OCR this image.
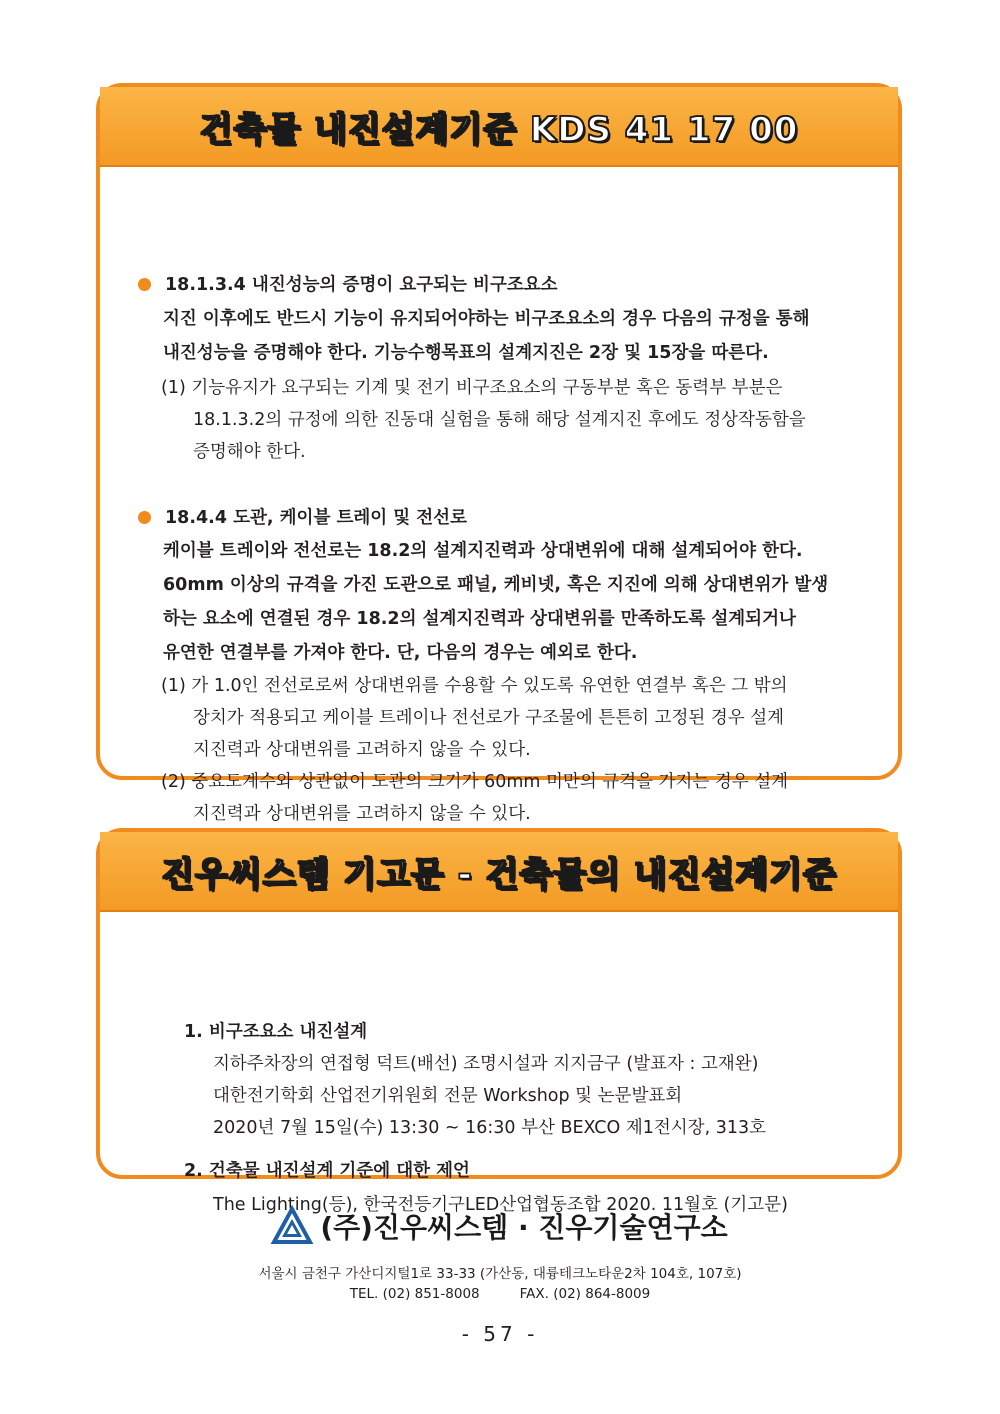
건축물 내진설계기준 KDS 41 17 00
18.1.3.4 내진성능의 증명이 요구되는 비구조요소
지진 이후에도 반드시 기능이 유지되어야하는 비구조요소의 경우 다음의 규정을 통해
내진성능을 증명해야 한다. 기능수행목표의 설계지진은 2장 및 15장을 따른다.
(1) 기능유지가 요구되는 기계 및 전기 비구조요소의 구동부분 혹은 동력부 부분은
18.1.3.2의 규정에 의한 진동대 실험을 통해 해당 설계지진 후에도 정상작동함을
증명해야 한다.
18.4.4 도관, 케이블 트레이 및 전선로
케이블 트레이와 전선로는 18.2의 설계지진력과 상대변위에 대해 설계되어야 한다.
60mm 이상의 규격을 가진 도관으로 패널, 케비넷, 혹은 지진에 의해 상대변위가 발생
하는 요소에 연결된 경우 18.2의 설계지진력과 상대변위를 만족하도록 설계되거나
유연한 연결부를 가져야 한다. 단, 다음의 경우는 예외로 한다.
(1) 가 1.0인 전선로로써 상대변위를 수용할 수 있도록 유연한 연결부 혹은 그 밖의
장치가 적용되고 케이블 트레이나 전선로가 구조물에 튼튼히 고정된 경우 설계
지진력과 상대변위를 고려하지 않을 수 있다.
(2) 중요도계수와 상관없이 도관의 크기가 60mm 미만의 규격을 가지는 경우 설계
지진력과 상대변위를 고려하지 않을 수 있다.
진우씨스템 기고문 - 건축물의 내진설계기준
1. 비구조요소 내진설계
지하주차장의 연접형 덕트(배선) 조명시설과 지지금구 (발표자 : 고재완)
대한전기학회 산업전기위원회 전문 Workshop 및 논문발표회
2020년 7월 15일(수) 13:30 ~ 16:30 부산 BEXCO 제1전시장, 313호
2. 건축물 내진설계 기준에 대한 제언
The Lighting(등), 한국전등기구LED산업협동조합 2020. 11월호 (기고문)
(주)진우씨스템 · 진우기술연구소
서울시 금천구 가산디지털1로 33-33 (가산동, 대륭테크노타운2차 104호, 107호)
TEL. (02) 851-8008	FAX. (02) 864-8009
- 57 -
